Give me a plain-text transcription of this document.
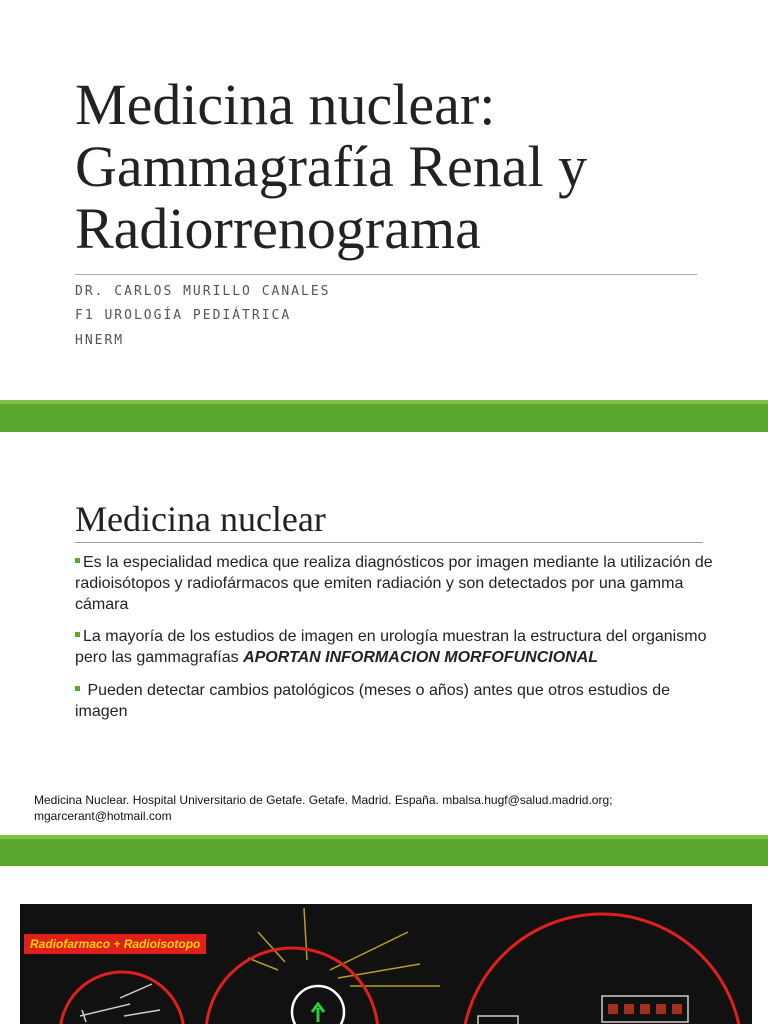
Medicina nuclear:
Gammagrafía Renal y
Radiorrenograma
DR. CARLOS MURILLO CANALES
F1 UROLOGÍA PEDIÁTRICA
HNERM
Medicina nuclear
Es la especialidad medica que realiza diagnósticos por imagen mediante la utilización de radioisótopos y radiofármacos que emiten radiación y son detectados por una gamma cámara
La mayoría de los estudios de imagen en urología muestran la estructura del organismo pero las gammagrafías APORTAN INFORMACION MORFOFUNCIONAL
Pueden detectar cambios patológicos (meses o años) antes que otros estudios de imagen
Medicina Nuclear. Hospital Universitario de Getafe. Getafe. Madrid. España. mbalsa.hugf@salud.madrid.org; mgarcerant@hotmail.com
Radiofarmaco + Radioisotopo
